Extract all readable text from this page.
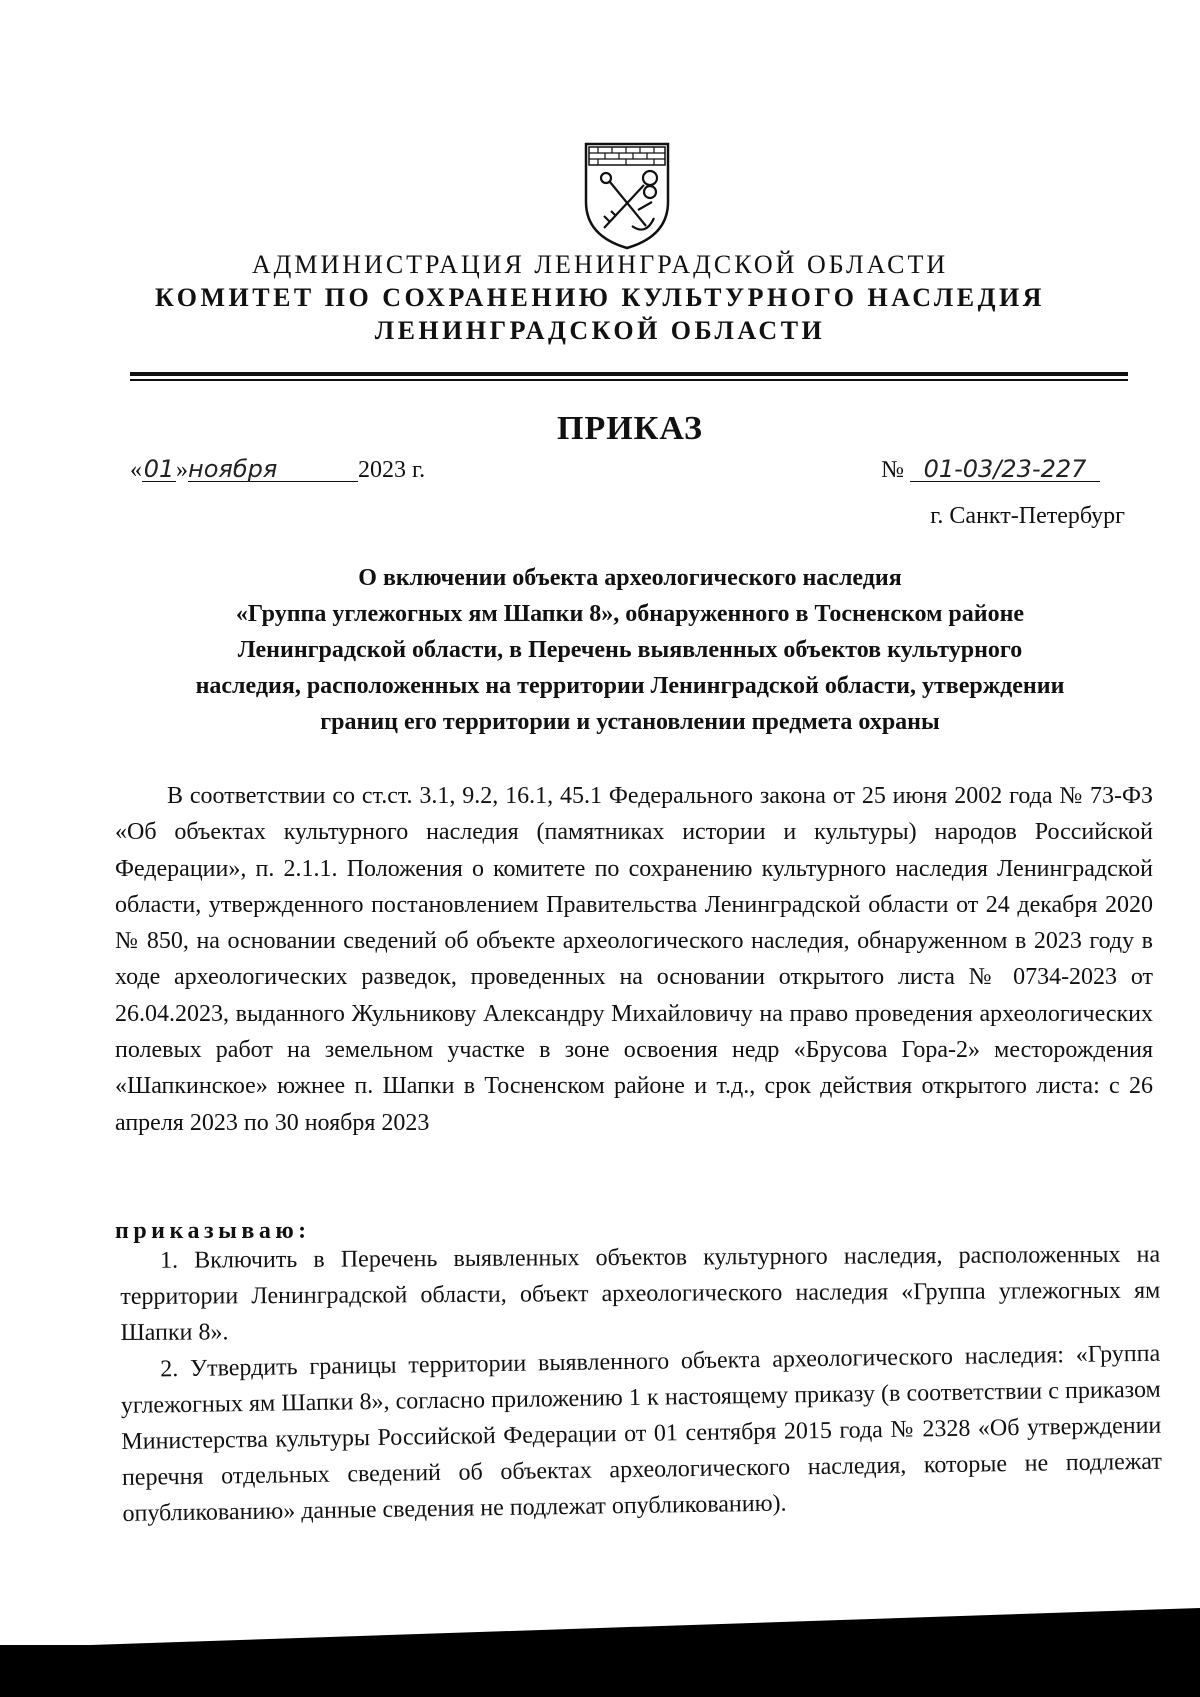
АДМИНИСТРАЦИЯ ЛЕНИНГРАДСКОЙ ОБЛАСТИ
КОМИТЕТ ПО СОХРАНЕНИЮ КУЛЬТУРНОГО НАСЛЕДИЯ
ЛЕНИНГРАДСКОЙ ОБЛАСТИ
ПРИКАЗ
«01»ноября	2023 г.	№ 01-03/23-227
г. Санкт-Петербург
О включении объекта археологического наследия
«Группа углежогных ям Шапки 8», обнаруженного в Тосненском районе
Ленинградской области, в Перечень выявленных объектов культурного
наследия, расположенных на территории Ленинградской области, утверждении
границ его территории и установлении предмета охраны
В соответствии со ст.ст. 3.1, 9.2, 16.1, 45.1 Федерального закона от 25 июня 2002 года № 73-ФЗ «Об объектах культурного наследия (памятниках истории и культуры) народов Российской Федерации», п. 2.1.1. Положения о комитете по сохранению культурного наследия Ленинградской области, утвержденного постановлением Правительства Ленинградской области от 24 декабря 2020 № 850, на основании сведений об объекте археологического наследия, обнаруженном в 2023 году в ходе археологических разведок, проведенных на основании открытого листа № 0734-2023 от 26.04.2023, выданного Жульникову Александру Михайловичу на право проведения археологических полевых работ на земельном участке в зоне освоения недр «Брусова Гора-2» месторождения «Шапкинское» южнее п. Шапки в Тосненском районе и т.д., срок действия открытого листа: с 26 апреля 2023 по 30 ноября 2023
приказываю:
1. Включить в Перечень выявленных объектов культурного наследия, расположенных на территории Ленинградской области, объект археологического наследия «Группа углежогных ям Шапки 8».
2. Утвердить границы территории выявленного объекта археологического наследия: «Группа углежогных ям Шапки 8», согласно приложению 1 к настоящему приказу (в соответствии с приказом Министерства культуры Российской Федерации от 01 сентября 2015 года № 2328 «Об утверждении перечня отдельных сведений об объектах археологического наследия, которые не подлежат опубликованию» данные сведения не подлежат опубликованию).
